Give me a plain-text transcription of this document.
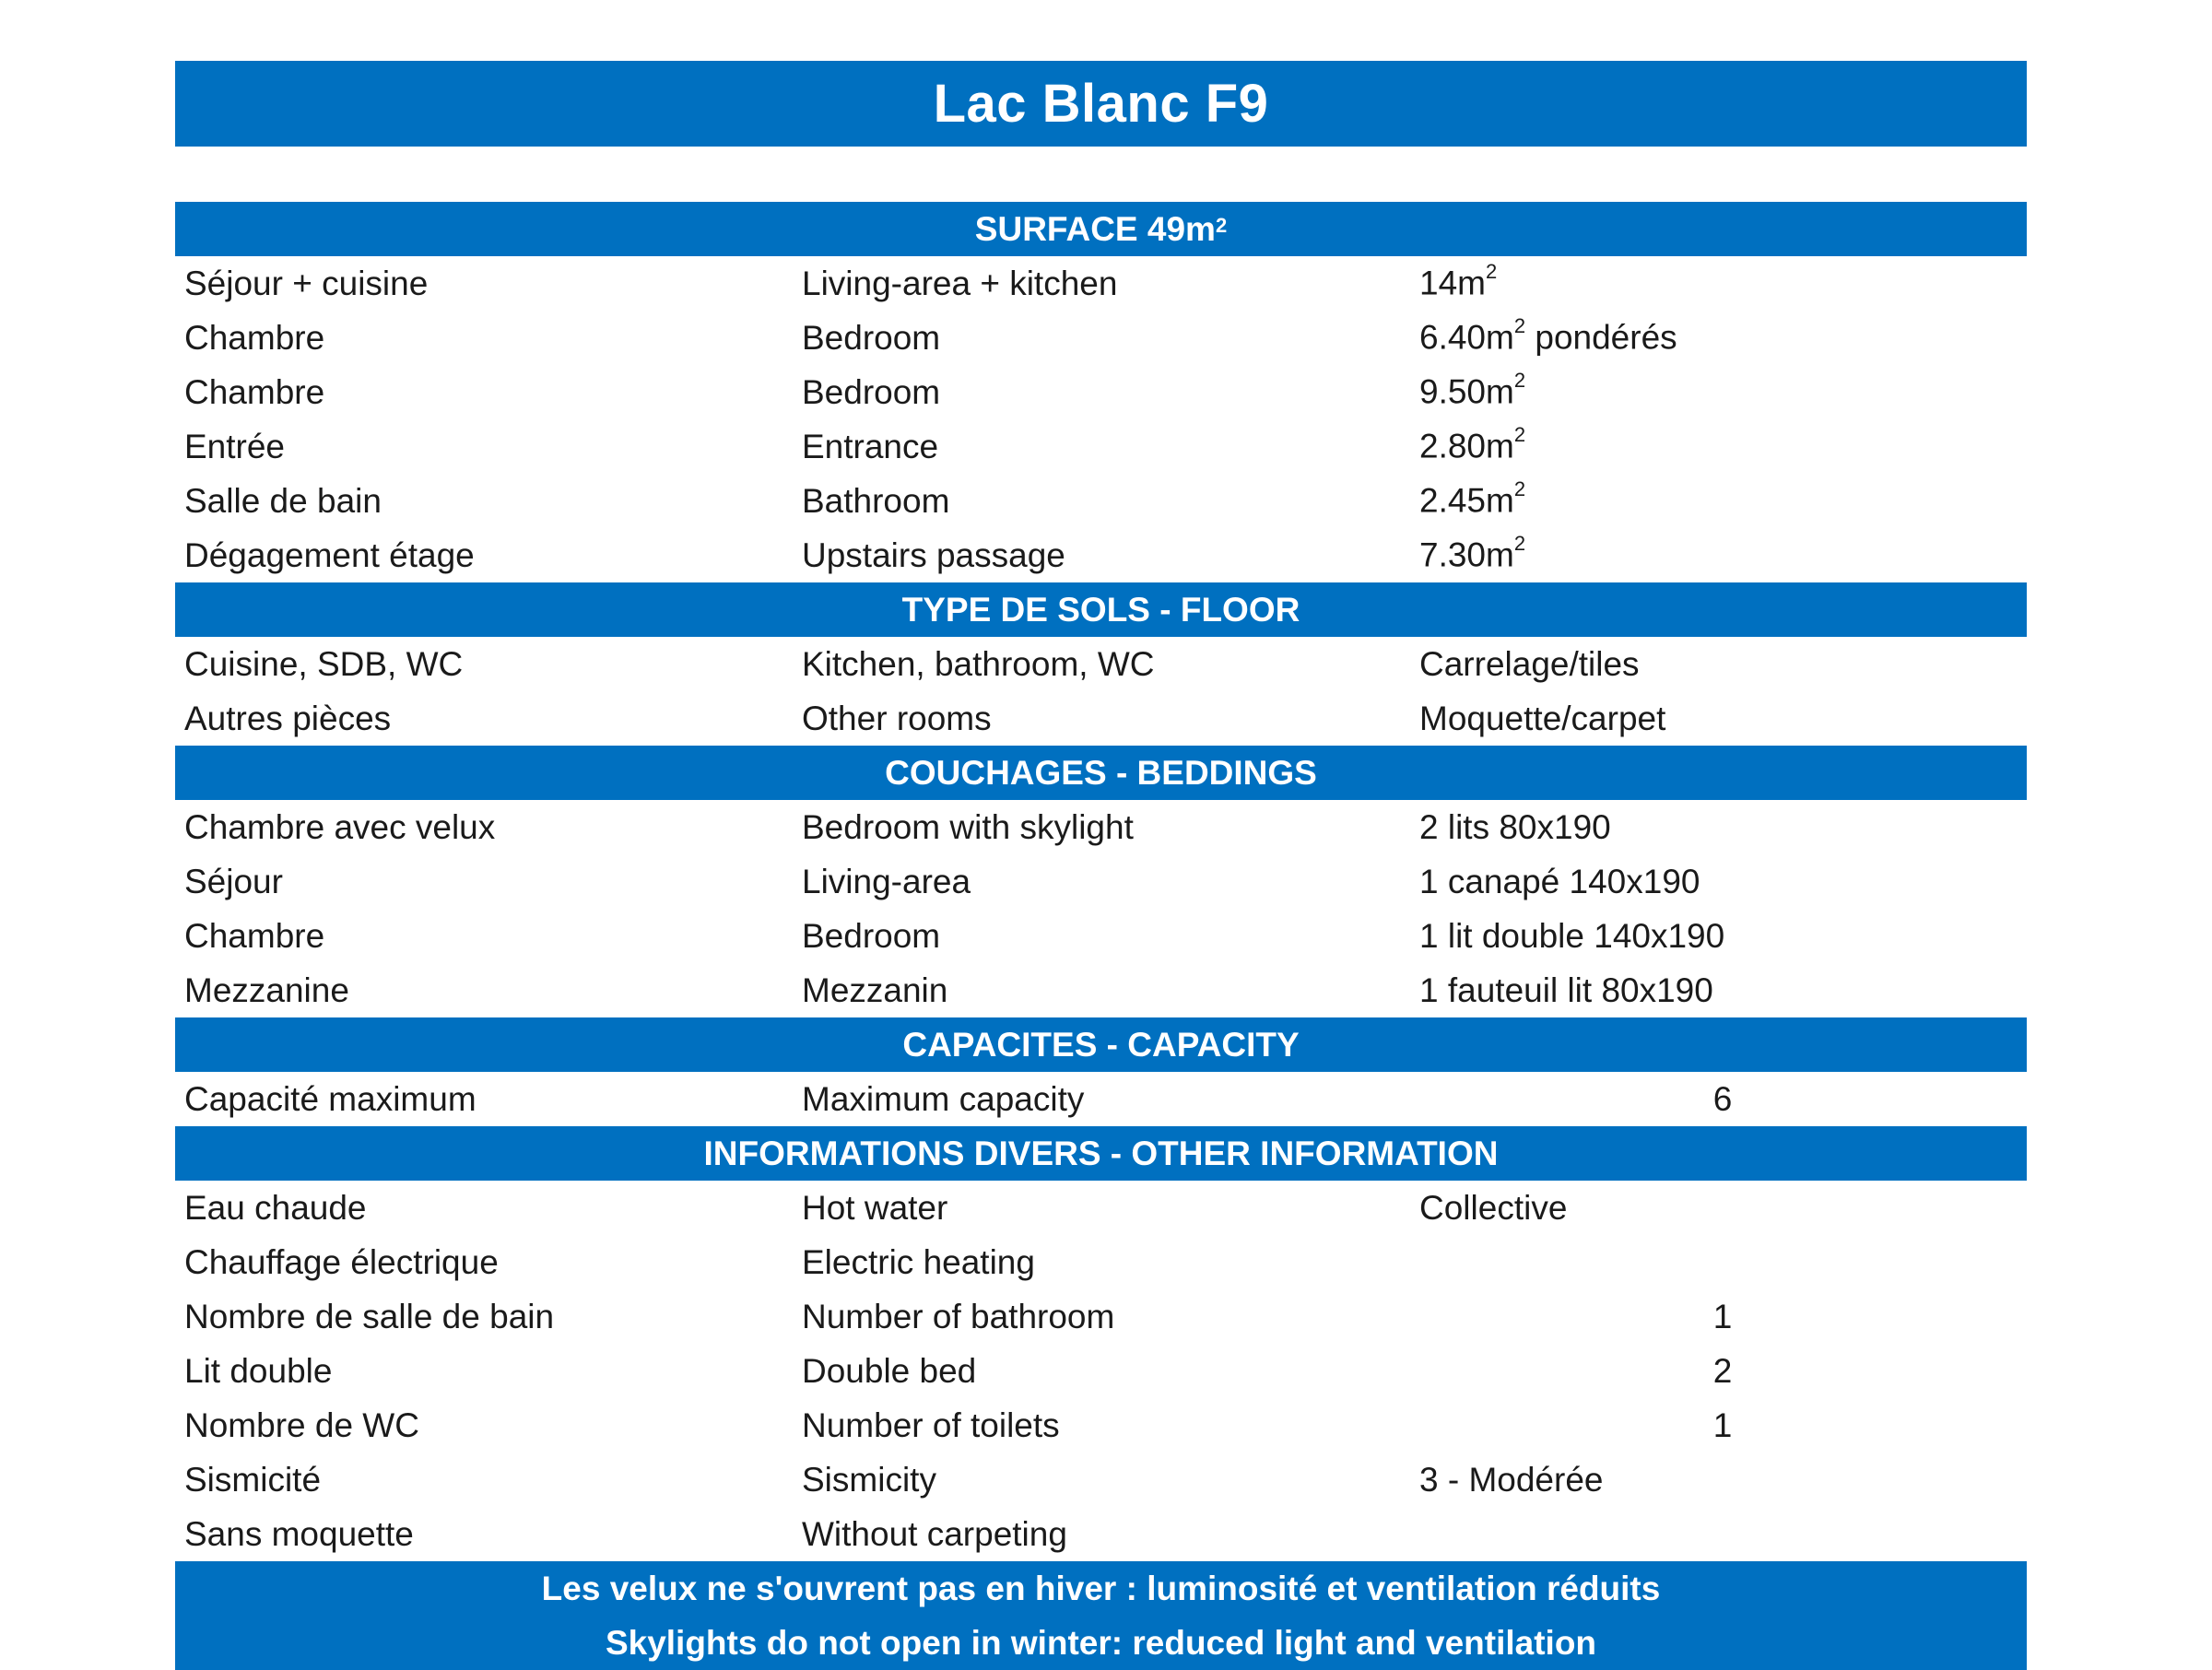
Lac Blanc F9
SURFACE $49m^2$
Séjour + cuisine	Living-area + kitchen	$14m^2$
Chambre	Bedroom	$6.40m^2$ pondérés
Chambre	Bedroom	$9.50m^2$
Entrée	Entrance	$2.80m^2$
Salle de bain	Bathroom	$2.45m^2$
Dégagement étage	Upstairs passage	$7.30m^2$
TYPE DE SOLS - FLOOR
Cuisine, SDB, WC	Kitchen, bathroom, WC	Carrelage/tiles
Autres pièces	Other rooms	Moquette/carpet
COUCHAGES - BEDDINGS
Chambre avec velux	Bedroom with skylight	2 lits 80x190
Séjour	Living-area	1 canapé 140x190
Chambre	Bedroom	1 lit double 140x190
Mezzanine	Mezzanin	1 fauteuil lit 80x190
CAPACITES - CAPACITY
Capacité maximum	Maximum capacity	6
INFORMATIONS DIVERS - OTHER INFORMATION
Eau chaude	Hot water	Collective
Chauffage électrique	Electric heating
Nombre de salle de bain	Number of bathroom	1
Lit double	Double bed	2
Nombre de WC	Number of toilets	1
Sismicité	Sismicity	3 - Modérée
Sans moquette	Without carpeting
Les velux ne s'ouvrent pas en hiver : luminosité et ventilation réduits
Skylights do not open in winter: reduced light and ventilation
